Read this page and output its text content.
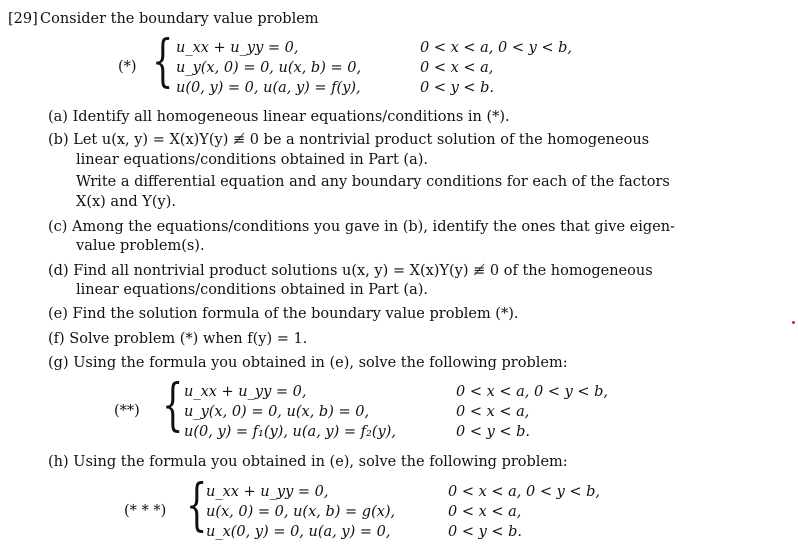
[29] Consider the boundary value problem
(*) { u_xx + u_yy = 0,
u_y(x, 0) = 0, u(x, b) = 0,
u(0, y) = 0, u(a, y) = f(y),
0 < x < a, 0 < y < b,
0 < x < a,
0 < y < b.
(a) Identify all homogeneous linear equations/conditions in (*).
(b) Let u(x, y) = X(x)Y(y) ≢ 0 be a nontrivial product solution of the homogeneous
linear equations/conditions obtained in Part (a).
Write a differential equation and any boundary conditions for each of the factors
X(x) and Y(y).
(c) Among the equations/conditions you gave in (b), identify the ones that give eigen-
value problem(s).
(d) Find all nontrivial product solutions u(x, y) = X(x)Y(y) ≢ 0 of the homogeneous
linear equations/conditions obtained in Part (a).
(e) Find the solution formula of the boundary value problem (*).
(f) Solve problem (*) when f(y) = 1.
(g) Using the formula you obtained in (e), solve the following problem:
(**) { u_xx + u_yy = 0,
u_y(x, 0) = 0, u(x, b) = 0,
u(0, y) = f₁(y), u(a, y) = f₂(y),
0 < x < a, 0 < y < b,
0 < x < a,
0 < y < b.
(h) Using the formula you obtained in (e), solve the following problem:
(* * *) {
u_xx + u_yy = 0,
u(x, 0) = 0, u(x, b) = g(x),
u_x(0, y) = 0, u(a, y) = 0,
0 < x < a, 0 < y < b,
0 < x < a,
0 < y < b.
